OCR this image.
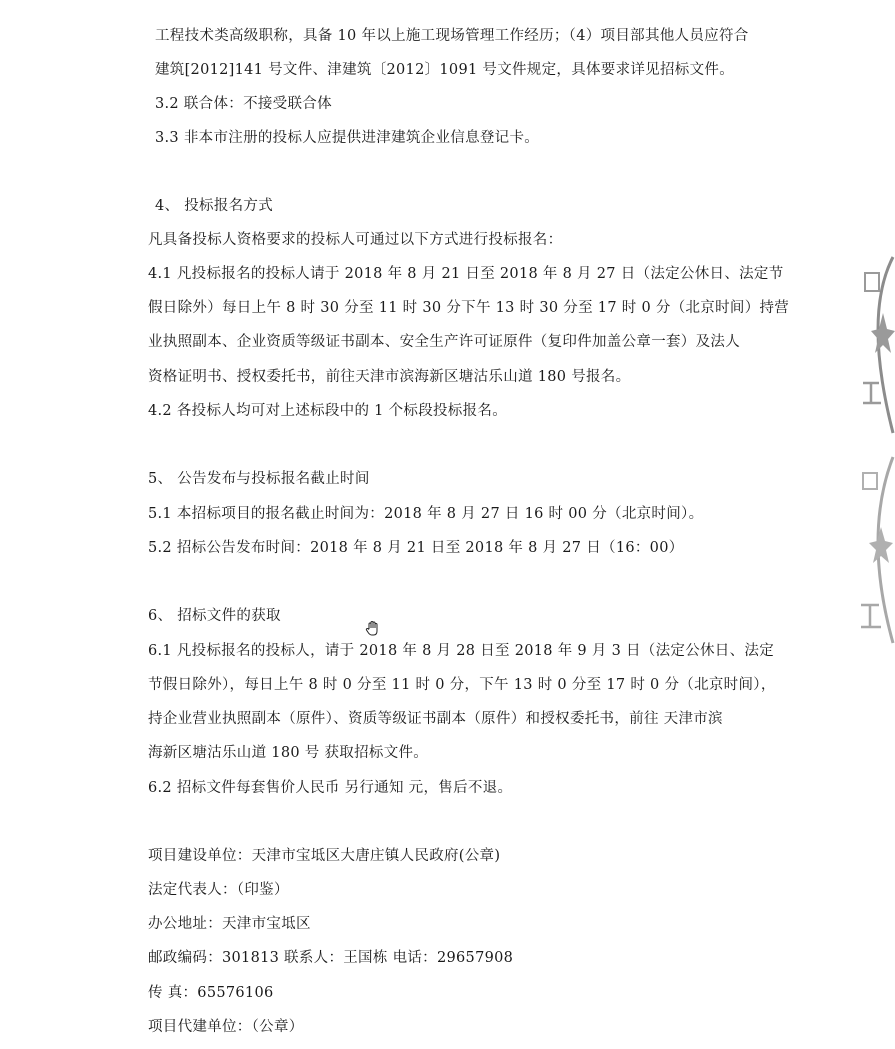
工程技术类高级职称，具备 10 年以上施工现场管理工作经历；（4）项目部其他人员应符合
建筑[2012]141 号文件、津建筑〔2012〕1091 号文件规定，具体要求详见招标文件。
3.2 联合体：不接受联合体
3.3 非本市注册的投标人应提供进津建筑企业信息登记卡。
4、 投标报名方式
凡具备投标人资格要求的投标人可通过以下方式进行投标报名：
4.1 凡投标报名的投标人请于 2018 年 8 月 21 日至 2018 年 8 月 27 日（法定公休日、法定节
假日除外）每日上午 8 时 30 分至 11 时 30 分下午 13 时 30 分至 17 时 0 分（北京时间）持营
业执照副本、企业资质等级证书副本、安全生产许可证原件（复印件加盖公章一套）及法人
资格证明书、授权委托书，前往天津市滨海新区塘沽乐山道 180 号报名。
4.2 各投标人均可对上述标段中的 1 个标段投标报名。
5、 公告发布与投标报名截止时间
5.1 本招标项目的报名截止时间为：2018 年 8 月 27 日 16 时 00 分（北京时间）。
5.2 招标公告发布时间：2018 年 8 月 21 日至 2018 年 8 月 27 日（16：00）
6、 招标文件的获取
6.1 凡投标报名的投标人，请于 2018 年 8 月 28 日至 2018 年 9 月 3 日（法定公休日、法定
节假日除外），每日上午 8 时 0 分至 11 时 0 分，下午 13 时 0 分至 17 时 0 分（北京时间），
持企业营业执照副本（原件）、资质等级证书副本（原件）和授权委托书，前往 天津市滨
海新区塘沽乐山道 180 号 获取招标文件。
6.2 招标文件每套售价人民币 另行通知 元，售后不退。
项目建设单位：天津市宝坻区大唐庄镇人民政府(公章)
法定代表人：（印鉴）
办公地址：天津市宝坻区
邮政编码：301813 联系人：王国栋 电话：29657908
传 真：65576106
项目代建单位：（公章）
